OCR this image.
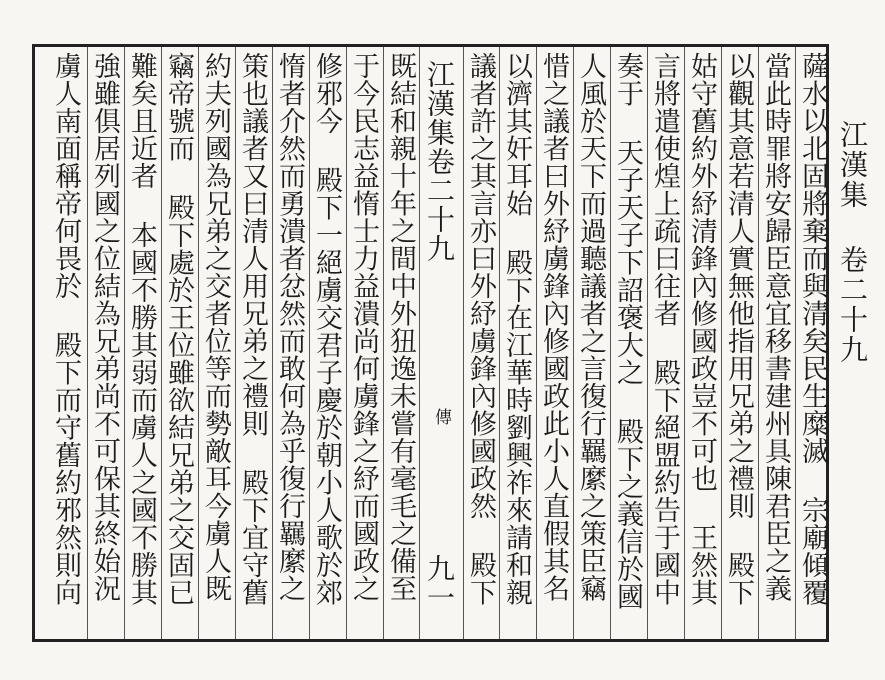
江漢集 卷二十九
薩水以北固將棄而與清矣民生糜滅 宗廟傾覆
當此時罪將安歸臣意宜移書建州具陳君臣之義
以觀其意若清人實無他指用兄弟之禮則 殿下
姑守舊約外紓清鋒內修國政豈不可也 王然其
言將遣使煌上疏曰往者 殿下絕盟約告于國中
奏于 天子天子下詔褒大之 殿下之義信於國
人風於天下而過聽議者之言復行羈縻之策臣竊
惜之議者曰外紓虜鋒內修國政此小人直假其名
以濟其奸耳始 殿下在江華時劉興祚來請和親
議者許之其言亦曰外紓虜鋒內修國政然 殿下
江漢集卷二十九
傳
九一
既結和親十年之間中外狃逸未嘗有毫毛之備至
于今民志益惰士力益潰尚何虜鋒之紓而國政之
修邪今 殿下一絕虜交君子慶於朝小人歌於郊
惰者介然而勇潰者忿然而敢何為乎復行羈縻之
策也議者又曰清人用兄弟之禮則 殿下宜守舊
約夫列國為兄弟之交者位等而勢敵耳今虜人既
竊帝號而 殿下處於王位雖欲結兄弟之交固已
難矣且近者 本國不勝其弱而虜人之國不勝其
強雖俱居列國之位結為兄弟尚不可保其終始況
虜人南面稱帝何畏於 殿下而守舊約邪然則向
